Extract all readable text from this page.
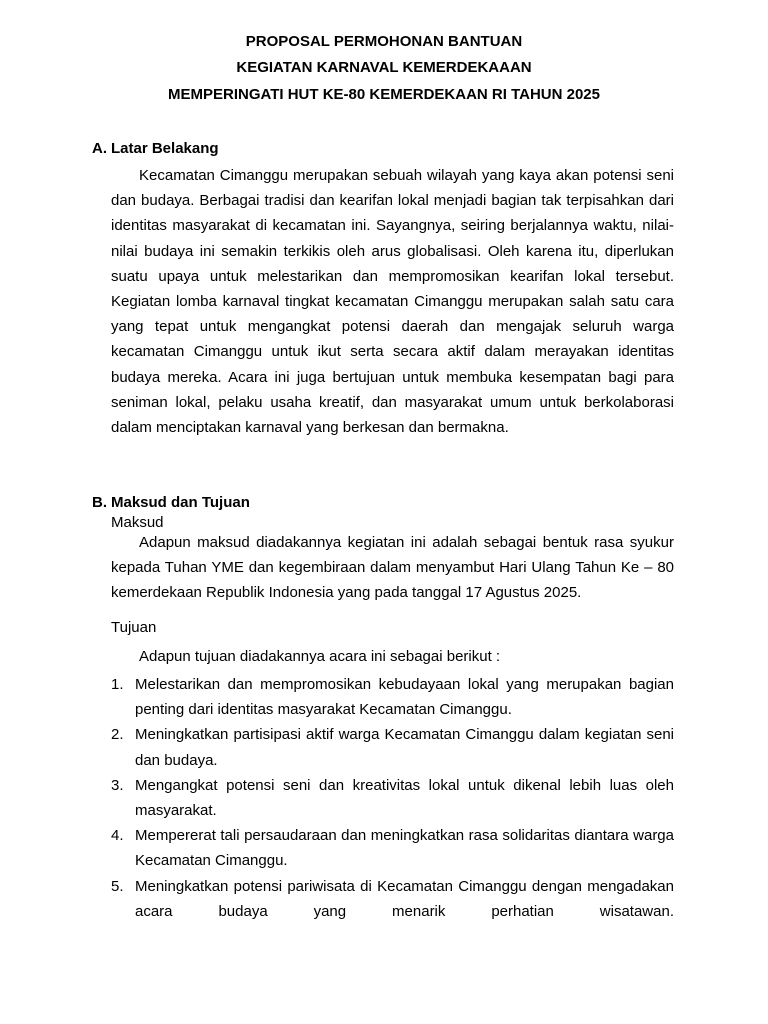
PROPOSAL PERMOHONAN BANTUAN
KEGIATAN KARNAVAL KEMERDEKAAAN
MEMPERINGATI HUT KE-80 KEMERDEKAAN RI TAHUN 2025
A. Latar Belakang

Kecamatan Cimanggu merupakan sebuah wilayah yang kaya akan potensi seni dan budaya. Berbagai tradisi dan kearifan lokal menjadi bagian tak terpisahkan dari identitas masyarakat di kecamatan ini. Sayangnya, seiring berjalannya waktu, nilai-nilai budaya ini semakin terkikis oleh arus globalisasi. Oleh karena itu, diperlukan suatu upaya untuk melestarikan dan mempromosikan kearifan lokal tersebut. Kegiatan lomba karnaval tingkat kecamatan Cimanggu merupakan salah satu cara yang tepat untuk mengangkat potensi daerah dan mengajak seluruh warga kecamatan Cimanggu untuk ikut serta secara aktif dalam merayakan identitas budaya mereka. Acara ini juga bertujuan untuk membuka kesempatan bagi para seniman lokal, pelaku usaha kreatif, dan masyarakat umum untuk berkolaborasi dalam menciptakan karnaval yang berkesan dan bermakna.

B. Maksud dan Tujuan
Maksud

Adapun maksud diadakannya kegiatan ini adalah sebagai bentuk rasa syukur kepada Tuhan YME dan kegembiraan dalam menyambut Hari Ulang Tahun Ke – 80 kemerdekaan Republik Indonesia yang pada tanggal 17 Agustus 2025.

Tujuan
Adapun tujuan diadakannya acara ini sebagai berikut :
1. Melestarikan dan mempromosikan kebudayaan lokal yang merupakan bagian penting dari identitas masyarakat Kecamatan Cimanggu.
2. Meningkatkan partisipasi aktif warga Kecamatan Cimanggu dalam kegiatan seni dan budaya.
3. Mengangkat potensi seni dan kreativitas lokal untuk dikenal lebih luas oleh masyarakat.
4. Mempererat tali persaudaraan dan meningkatkan rasa solidaritas diantara warga Kecamatan Cimanggu.
5. Meningkatkan potensi pariwisata di Kecamatan Cimanggu dengan mengadakan acara budaya yang menarik perhatian wisatawan.
